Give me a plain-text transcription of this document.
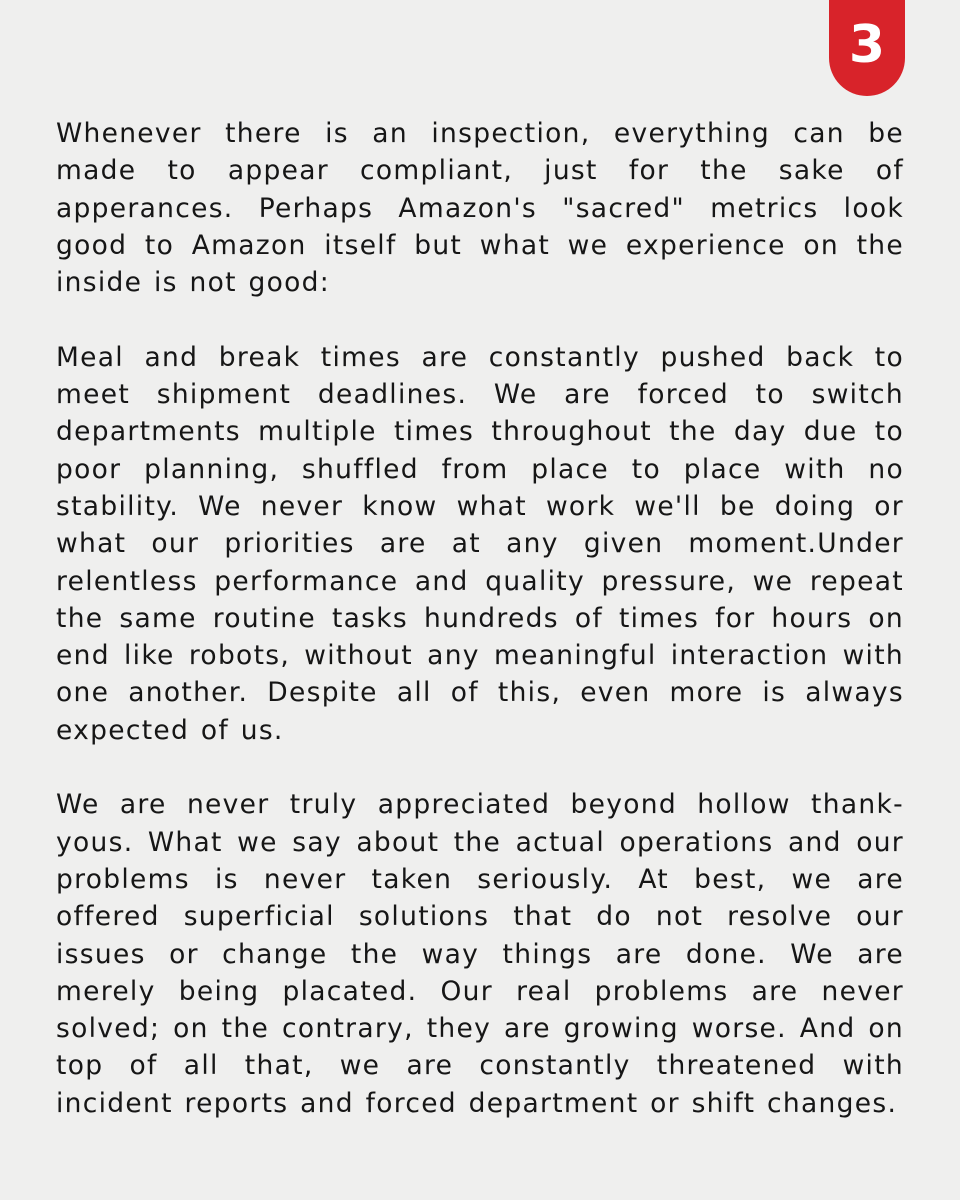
3

Whenever there is an inspection, everything can be made to appear compliant, just for the sake of apperances. Perhaps Amazon's "sacred" metrics look good to Amazon itself but what we experience on the inside is not good:

Meal and break times are constantly pushed back to meet shipment deadlines. We are forced to switch departments multiple times throughout the day due to poor planning, shuffled from place to place with no stability. We never know what work we'll be doing or what our priorities are at any given moment.Under relentless performance and quality pressure, we repeat the same routine tasks hundreds of times for hours on end like robots, without any meaningful interaction with one another. Despite all of this, even more is always expected of us.

We are never truly appreciated beyond hollow thank-yous. What we say about the actual operations and our problems is never taken seriously. At best, we are offered superficial solutions that do not resolve our issues or change the way things are done. We are merely being placated. Our real problems are never solved; on the contrary, they are growing worse. And on top of all that, we are constantly threatened with incident reports and forced department or shift changes.
